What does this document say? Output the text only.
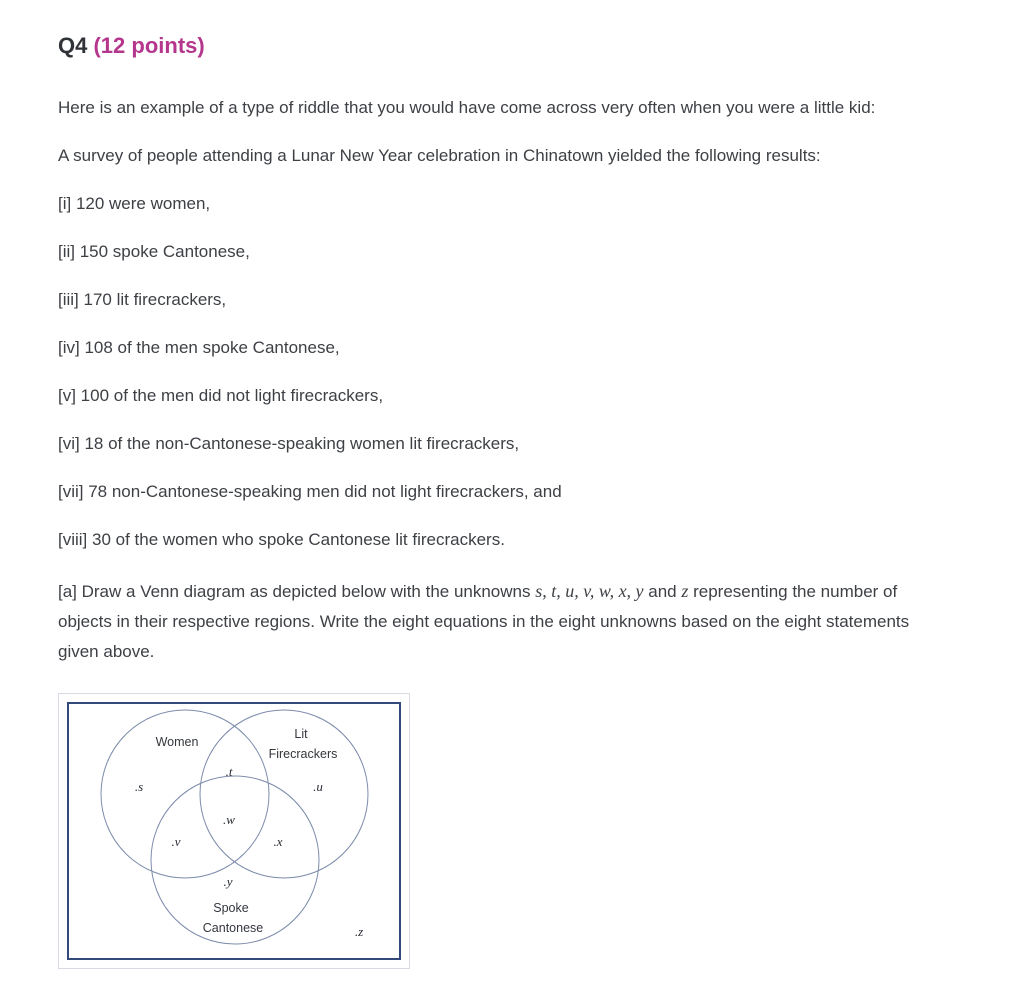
Q4 (12 points)

Here is an example of a type of riddle that you would have come across very often when you were a little kid:

A survey of people attending a Lunar New Year celebration in Chinatown yielded the following results:

[i] 120 were women,

[ii] 150 spoke Cantonese,

[iii] 170 lit firecrackers,

[iv] 108 of the men spoke Cantonese,

[v] 100 of the men did not light firecrackers,

[vi] 18 of the non-Cantonese-speaking women lit firecrackers,

[vii] 78 non-Cantonese-speaking men did not light firecrackers, and

[viii] 30 of the women who spoke Cantonese lit firecrackers.

[a] Draw a Venn diagram as depicted below with the unknowns s, t, u, v, w, x, y and z representing the number of objects in their respective regions. Write the eight equations in the eight unknowns based on the eight statements given above.

Women
Lit
Firecrackers
Spoke
Cantonese
.s
.t
.u
.v
.w
.x
.y
.z
